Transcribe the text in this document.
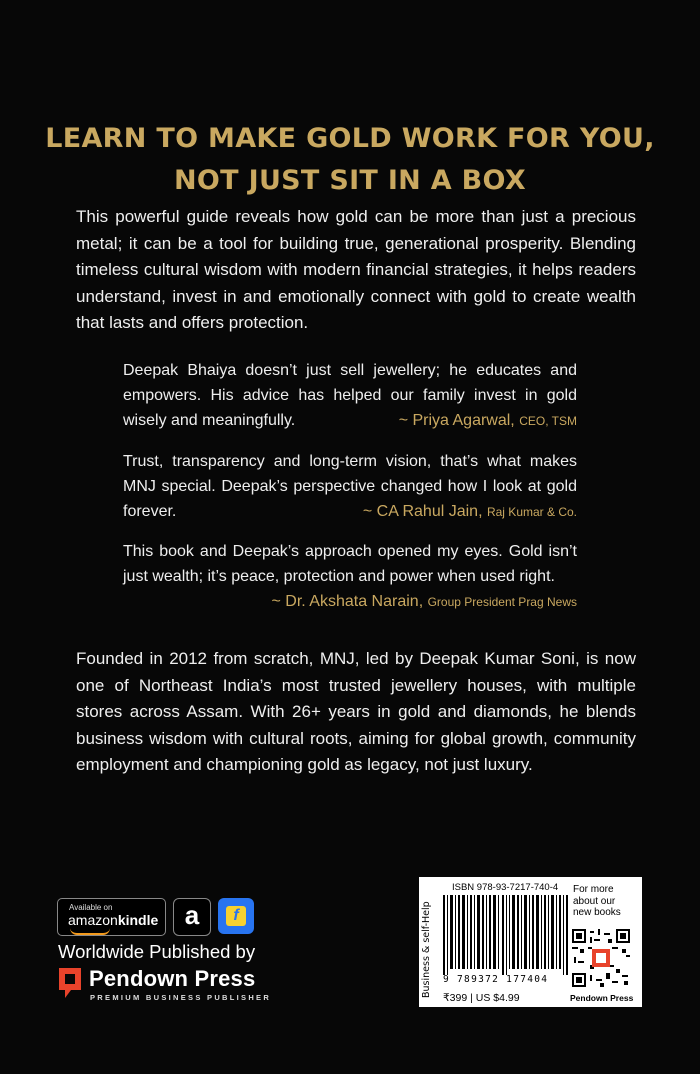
LEARN TO MAKE GOLD WORK FOR YOU,
NOT JUST SIT IN A BOX
This powerful guide reveals how gold can be more than just a precious metal; it can be a tool for building true, generational prosperity. Blending timeless cultural wisdom with modern financial strategies, it helps readers understand, invest in and emotionally connect with gold to create wealth that lasts and offers protection.
Deepak Bhaiya doesn’t just sell jewellery; he educates and empowers. His advice has helped our family invest in gold wisely and meaningfully.	~ Priya Agarwal, CEO, TSM
Trust, transparency and long-term vision, that’s what makes MNJ special. Deepak’s perspective changed how I look at gold forever.	~ CA Rahul Jain, Raj Kumar & Co.
This book and Deepak’s approach opened my eyes. Gold isn’t just wealth; it’s peace, protection and power when used right.
~ Dr. Akshata Narain, Group President Prag News
Founded in 2012 from scratch, MNJ, led by Deepak Kumar Soni, is now one of Northeast India’s most trusted jewellery houses, with multiple stores across Assam. With 26+ years in gold and diamonds, he blends business wisdom with cultural roots, aiming for global growth, community employment and championing gold as legacy, not just luxury.
Available on
amazonkindle	a	f
Worldwide Published by
Pendown Press
PREMIUM BUSINESS PUBLISHER	Business & self-Help
ISBN 978-93-7217-740-4
9 789372 177404
₹399 | US $4.99	Pendown Press
For more about our new books
